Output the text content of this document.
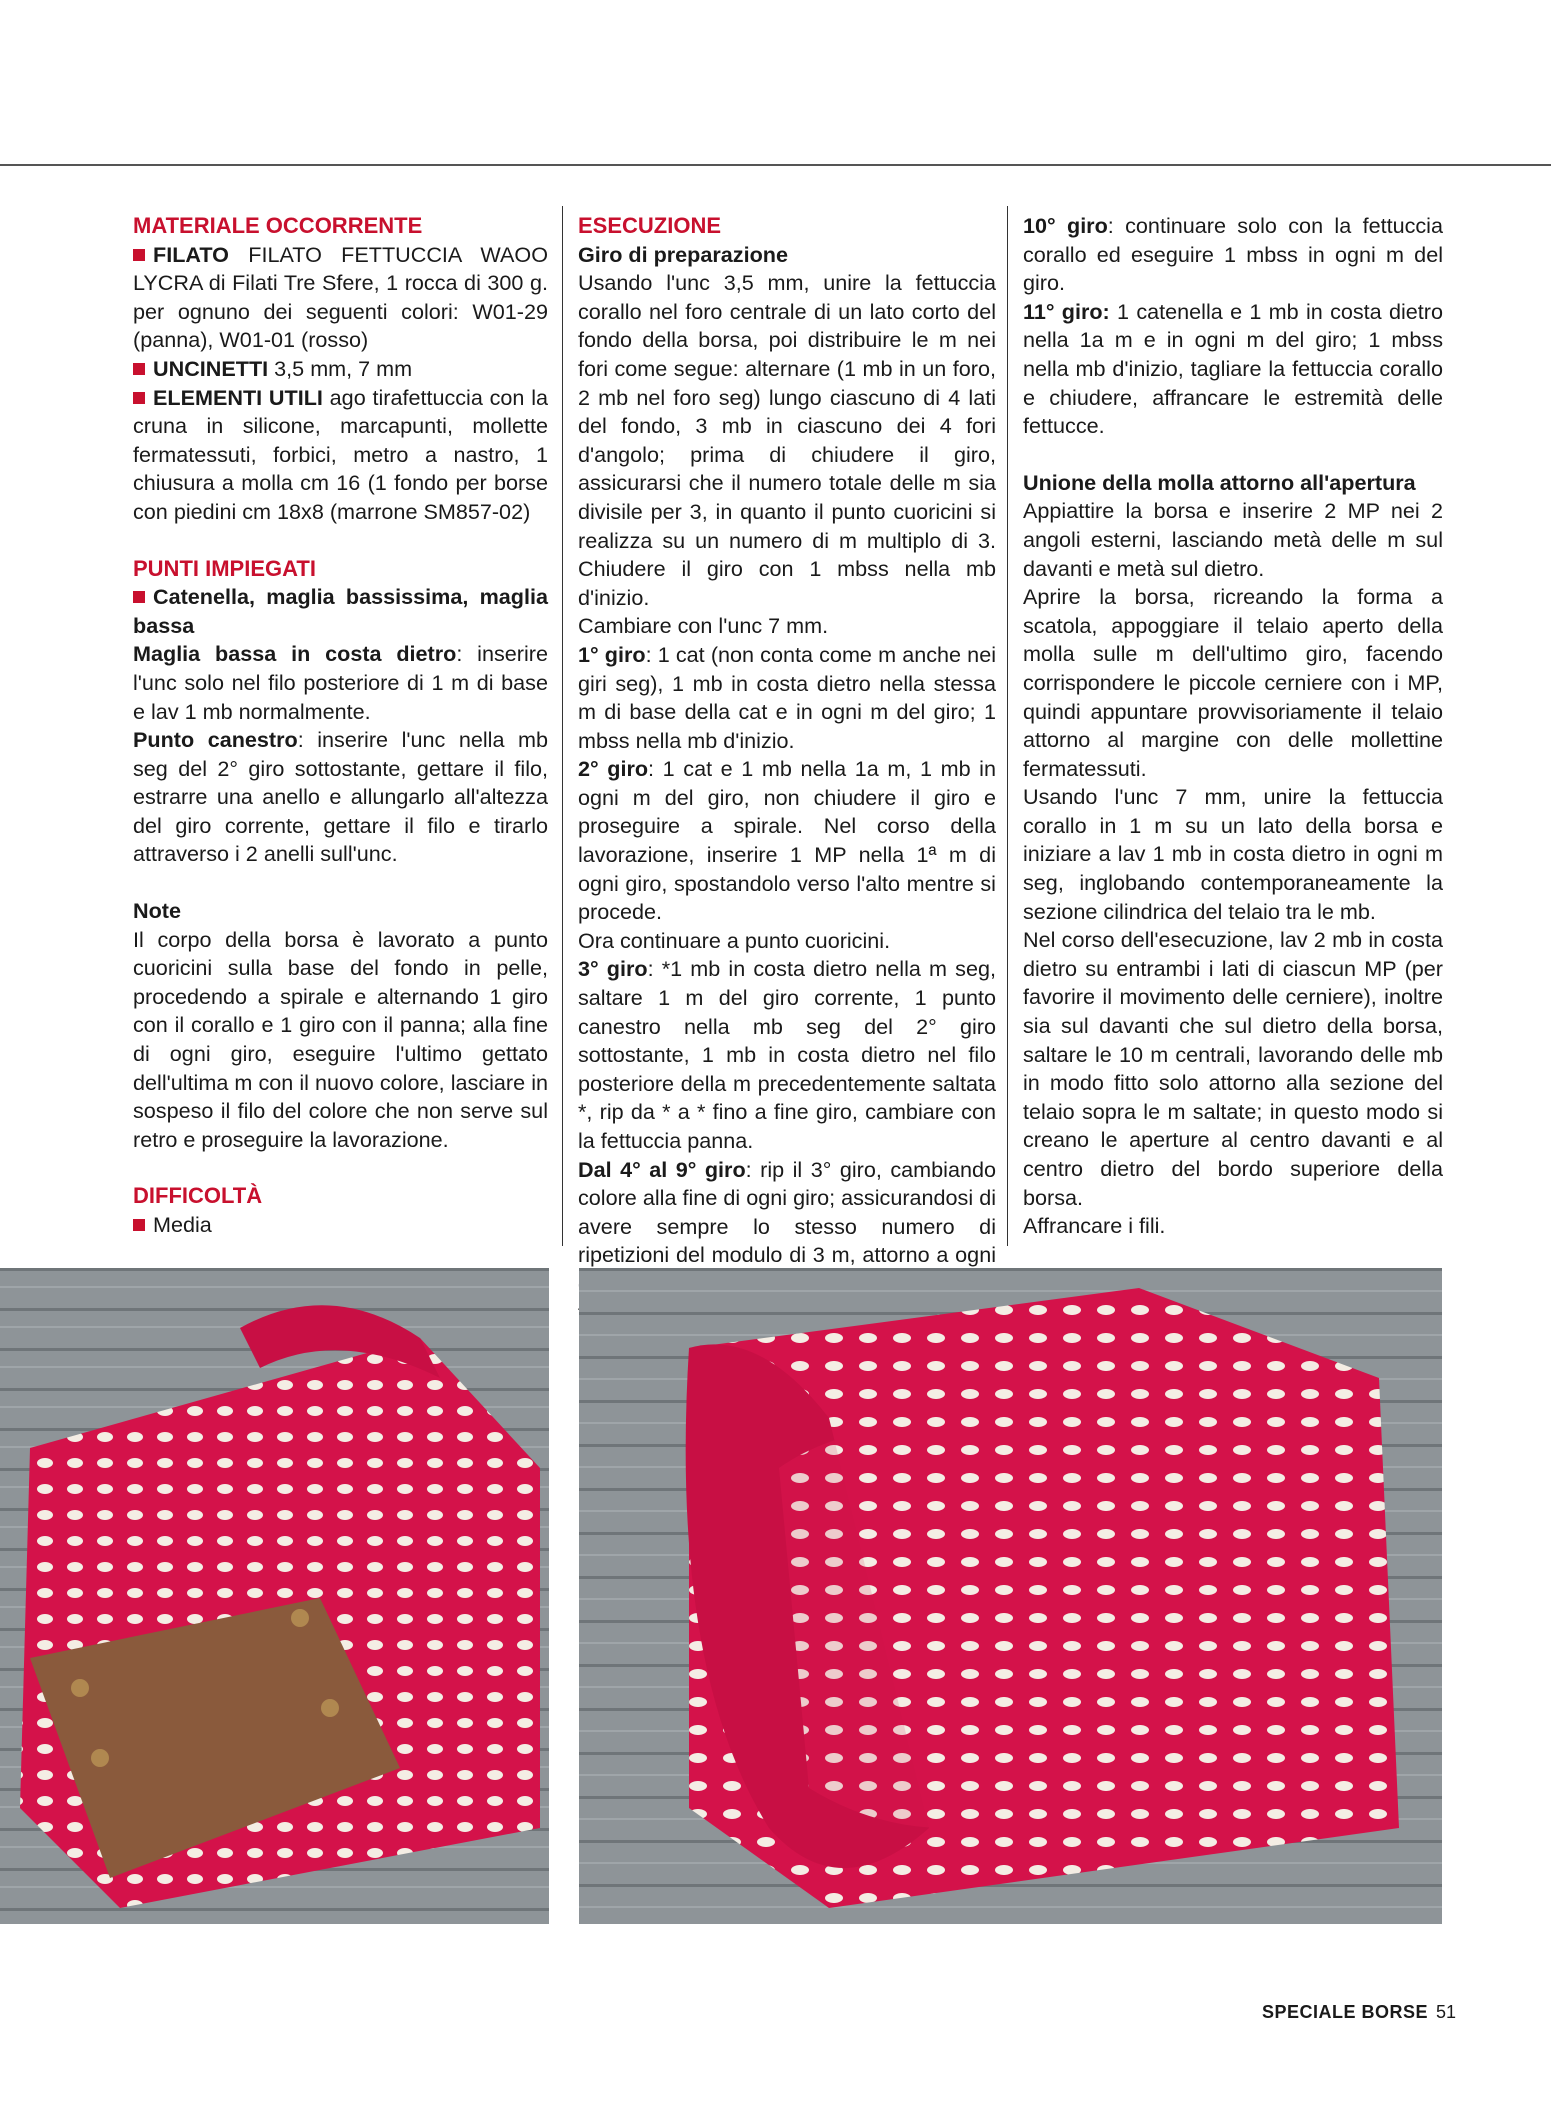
MATERIALE OCCORRENTE

FILATO FILATO FETTUCCIA WAOO LYCRA di Filati Tre Sfere, 1 rocca di 300 g. per ognuno dei seguenti colori: W01-29 (panna), W01-01 (rosso)

UNCINETTI 3,5 mm, 7 mm

ELEMENTI UTILI ago tirafettuccia con la cruna in silicone, marcapunti, mollette fermatessuti, forbici, metro a nastro, 1 chiusura a molla cm 16 (1 fondo per borse con piedini cm 18x8 (marrone SM857-02)

PUNTI IMPIEGATI

Catenella, maglia bassissima, maglia bassa

Maglia bassa in costa dietro: inserire l'unc solo nel filo posteriore di 1 m di base e lav 1 mb normalmente.

Punto canestro: inserire l'unc nella mb seg del 2° giro sottostante, gettare il filo, estrarre una anello e allungarlo all'altezza del giro corrente, gettare il filo e tirarlo attraverso i 2 anelli sull'unc.

Note

Il corpo della borsa è lavorato a punto cuoricini sulla base del fondo in pelle, procedendo a spirale e alternando 1 giro con il corallo e 1 giro con il panna; alla fine di ogni giro, eseguire l'ultimo gettato dell'ultima m con il nuovo colore, lasciare in sospeso il filo del colore che non serve sul retro e proseguire la lavorazione.

DIFFICOLTÀ

Media

ESECUZIONE
Giro di preparazione

Usando l'unc 3,5 mm, unire la fettuccia corallo nel foro centrale di un lato corto del fondo della borsa, poi distribuire le m nei fori come segue: alternare (1 mb in un foro, 2 mb nel foro seg) lungo ciascuno di 4 lati del fondo, 3 mb in ciascuno dei 4 fori d'angolo; prima di chiudere il giro, assicurarsi che il numero totale delle m sia divisile per 3, in quanto il punto cuoricini si realizza su un numero di m multiplo di 3. Chiudere il giro con 1 mbss nella mb d'inizio.

Cambiare con l'unc 7 mm.

1° giro: 1 cat (non conta come m anche nei giri seg), 1 mb in costa dietro nella stessa m di base della cat e in ogni m del giro; 1 mbss nella mb d'inizio.

2° giro: 1 cat e 1 mb nella 1a m, 1 mb in ogni m del giro, non chiudere il giro e proseguire a spirale. Nel corso della lavorazione, inserire 1 MP nella 1ª m di ogni giro, spostandolo verso l'alto mentre si procede.

Ora continuare a punto cuoricini.

3° giro: *1 mb in costa dietro nella m seg, saltare 1 m del giro corrente, 1 punto canestro nella mb seg del 2° giro sottostante, 1 mb in costa dietro nel filo posteriore della m precedentemente saltata *, rip da * a * fino a fine giro, cambiare con la fettuccia panna.

Dal 4° al 9° giro: rip il 3° giro, cambiando colore alla fine di ogni giro; assicurandosi di avere sempre lo stesso numero di ripetizioni del modulo di 3 m, attorno a ogni

10° giro: continuare solo con la fettuccia corallo ed eseguire 1 mbss in ogni m del giro.

11° giro: 1 catenella e 1 mb in costa dietro nella 1a m e in ogni m del giro; 1 mbss nella mb d'inizio, tagliare la fettuccia corallo e chiudere, affrancare le estremità delle fettucce.

Unione della molla attorno all'apertura

Appiattire la borsa e inserire 2 MP nei 2 angoli esterni, lasciando metà delle m sul davanti e metà sul dietro.

Aprire la borsa, ricreando la forma a scatola, appoggiare il telaio aperto della molla sulle m dell'ultimo giro, facendo corrispondere le piccole cerniere con i MP, quindi appuntare provvisoriamente il telaio attorno al margine con delle mollettine fermatessuti.

Usando l'unc 7 mm, unire la fettuccia corallo in 1 m su un lato della borsa e iniziare a lav 1 mb in costa dietro in ogni m seg, inglobando contemporaneamente la sezione cilindrica del telaio tra le mb.

Nel corso dell'esecuzione, lav 2 mb in costa dietro su entrambi i lati di ciascun MP (per favorire il movimento delle cerniere), inoltre sia sul davanti che sul dietro della borsa, saltare le 10 m centrali, lavorando delle mb in modo fitto solo attorno alla sezione del telaio sopra le m saltate; in questo modo si creano le aperture al centro davanti e al centro dietro del bordo superiore della borsa.

Affrancare i fili.

SPECIALE BORSE 51
